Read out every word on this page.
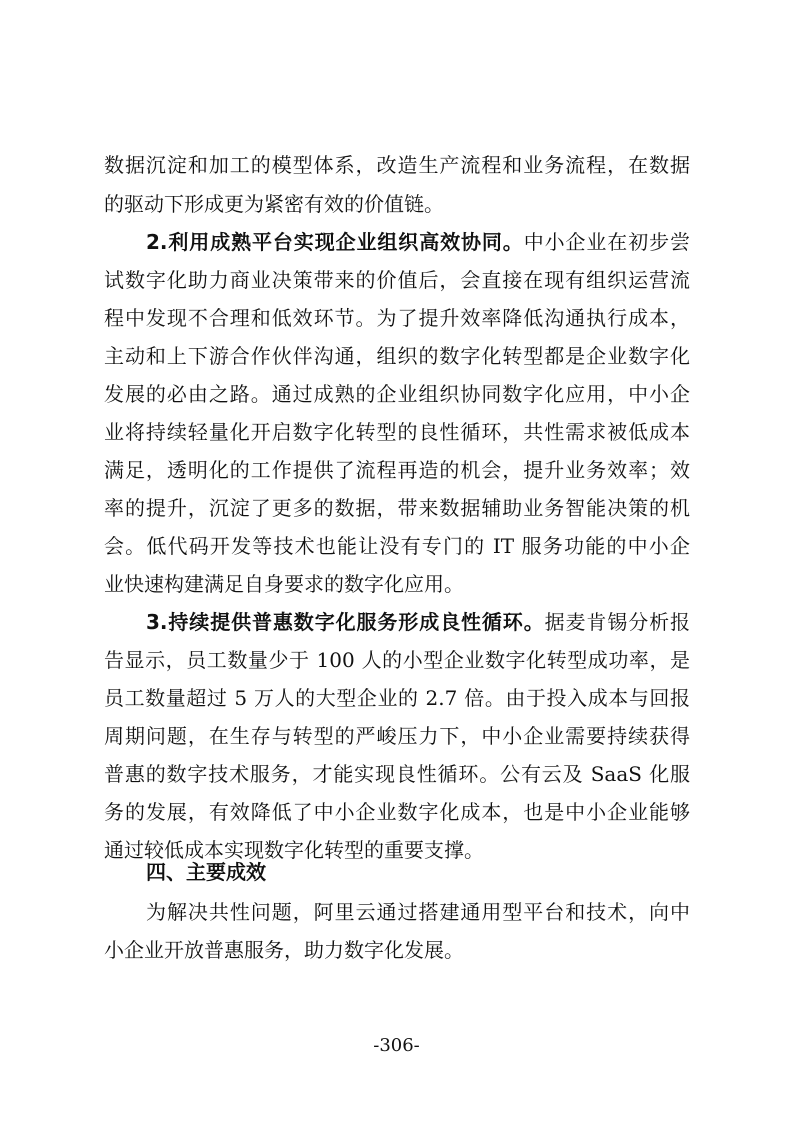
数据沉淀和加工的模型体系，改造生产流程和业务流程，在数据
的驱动下形成更为紧密有效的价值链。
2.利用成熟平台实现企业组织高效协同。中小企业在初步尝
试数字化助力商业决策带来的价值后，会直接在现有组织运营流
程中发现不合理和低效环节。为了提升效率降低沟通执行成本，
主动和上下游合作伙伴沟通，组织的数字化转型都是企业数字化
发展的必由之路。通过成熟的企业组织协同数字化应用，中小企
业将持续轻量化开启数字化转型的良性循环，共性需求被低成本
满足，透明化的工作提供了流程再造的机会，提升业务效率；效
率的提升，沉淀了更多的数据，带来数据辅助业务智能决策的机
会。低代码开发等技术也能让没有专门的 IT 服务功能的中小企
业快速构建满足自身要求的数字化应用。
3.持续提供普惠数字化服务形成良性循环。据麦肯锡分析报
告显示，员工数量少于 100 人的小型企业数字化转型成功率，是
员工数量超过 5 万人的大型企业的 2.7 倍。由于投入成本与回报
周期问题，在生存与转型的严峻压力下，中小企业需要持续获得
普惠的数字技术服务，才能实现良性循环。公有云及 SaaS 化服
务的发展，有效降低了中小企业数字化成本，也是中小企业能够
通过较低成本实现数字化转型的重要支撑。
四、主要成效
为解决共性问题，阿里云通过搭建通用型平台和技术，向中
小企业开放普惠服务，助力数字化发展。
-306-
